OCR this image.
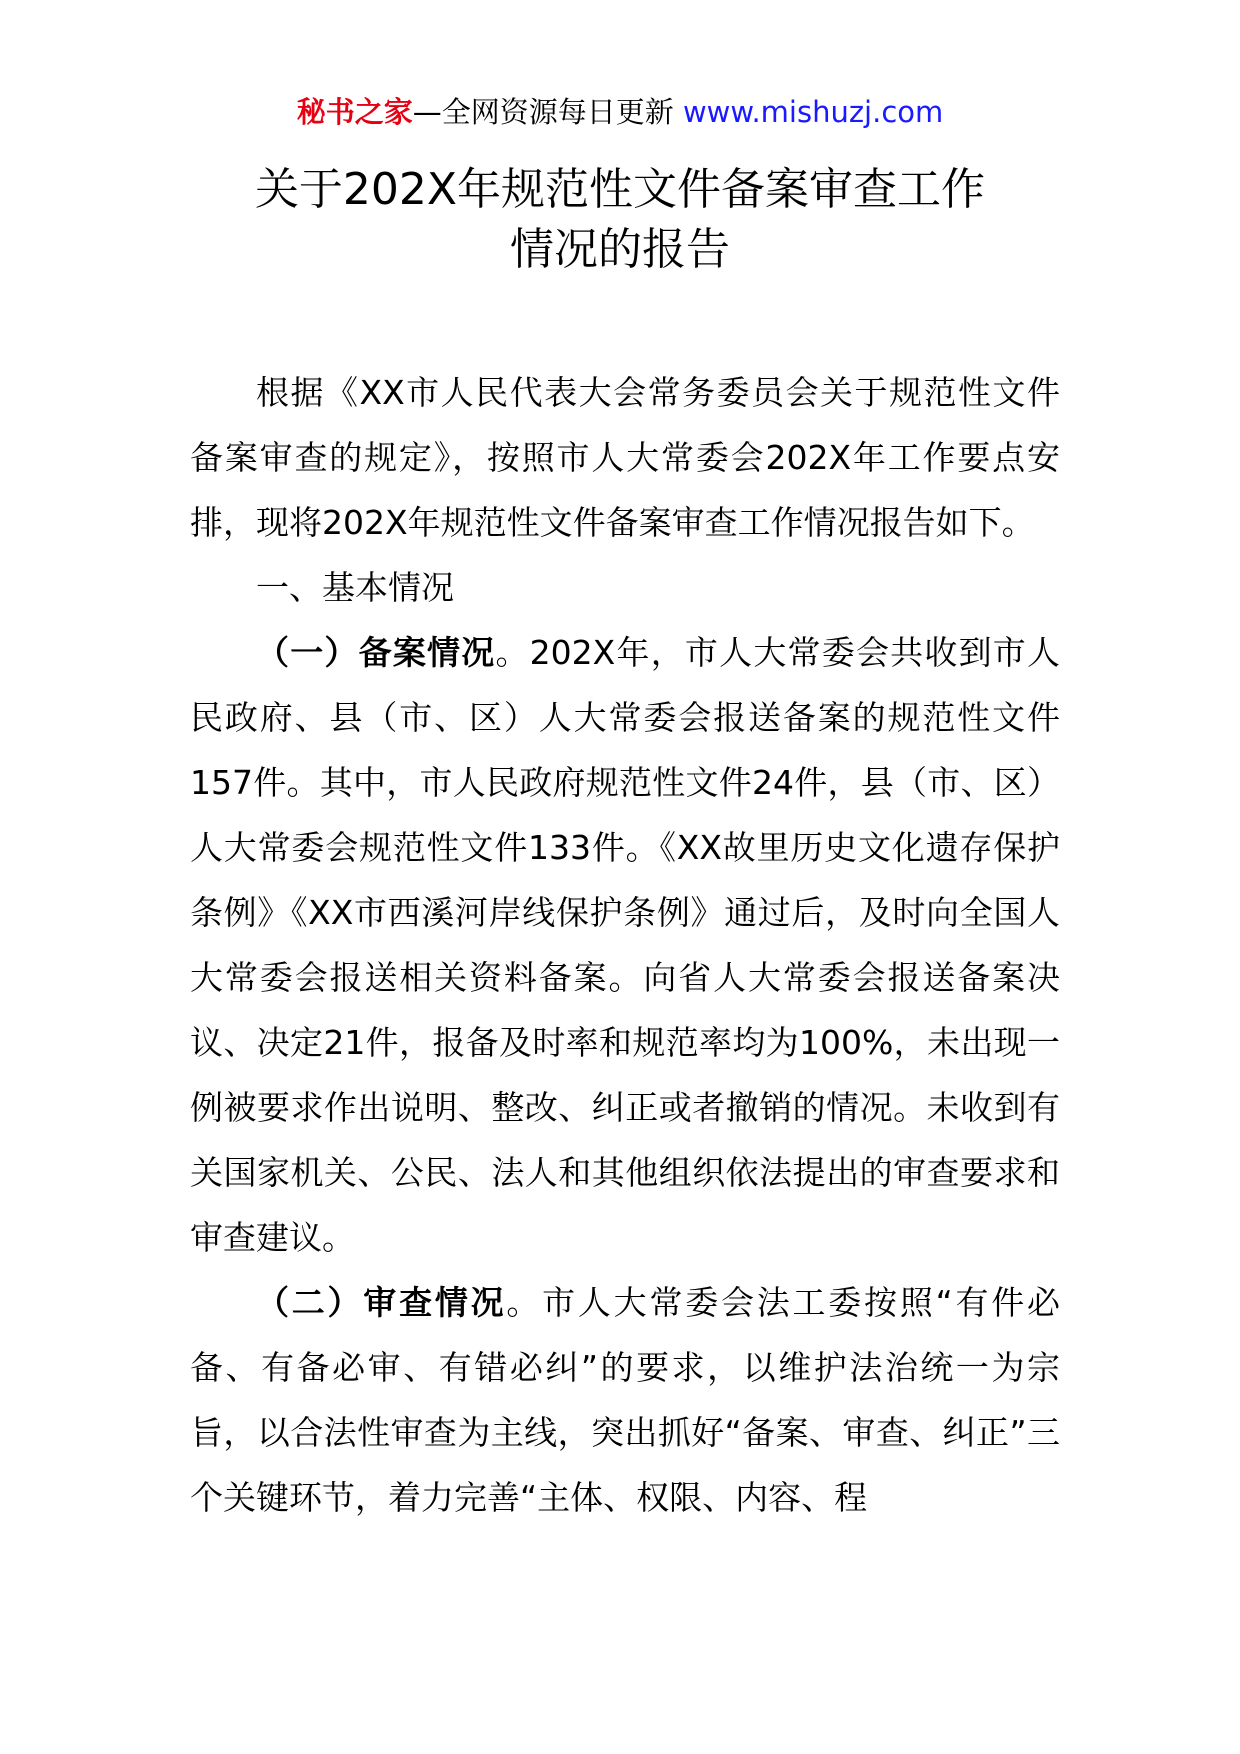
秘书之家—全网资源每日更新 www.mishuzj.com
关于202X年规范性文件备案审查工作
情况的报告

根据《XX市人民代表大会常务委员会关于规范性文件备案审查的规定》，按照市人大常委会202X年工作要点安排，现将202X年规范性文件备案审查工作情况报告如下。

一、基本情况

（一）备案情况。202X年，市人大常委会共收到市人民政府、县（市、区）人大常委会报送备案的规范性文件157件。其中，市人民政府规范性文件24件，县（市、区）人大常委会规范性文件133件。《XX故里历史文化遗存保护条例》《XX市西溪河岸线保护条例》通过后，及时向全国人大常委会报送相关资料备案。向省人大常委会报送备案决议、决定21件，报备及时率和规范率均为100%，未出现一例被要求作出说明、整改、纠正或者撤销的情况。未收到有关国家机关、公民、法人和其他组织依法提出的审查要求和审查建议。

（二）审查情况。市人大常委会法工委按照“有件必备、有备必审、有错必纠”的要求，以维护法治统一为宗旨，以合法性审查为主线，突出抓好“备案、审查、纠正”三个关键环节，着力完善“主体、权限、内容、程
